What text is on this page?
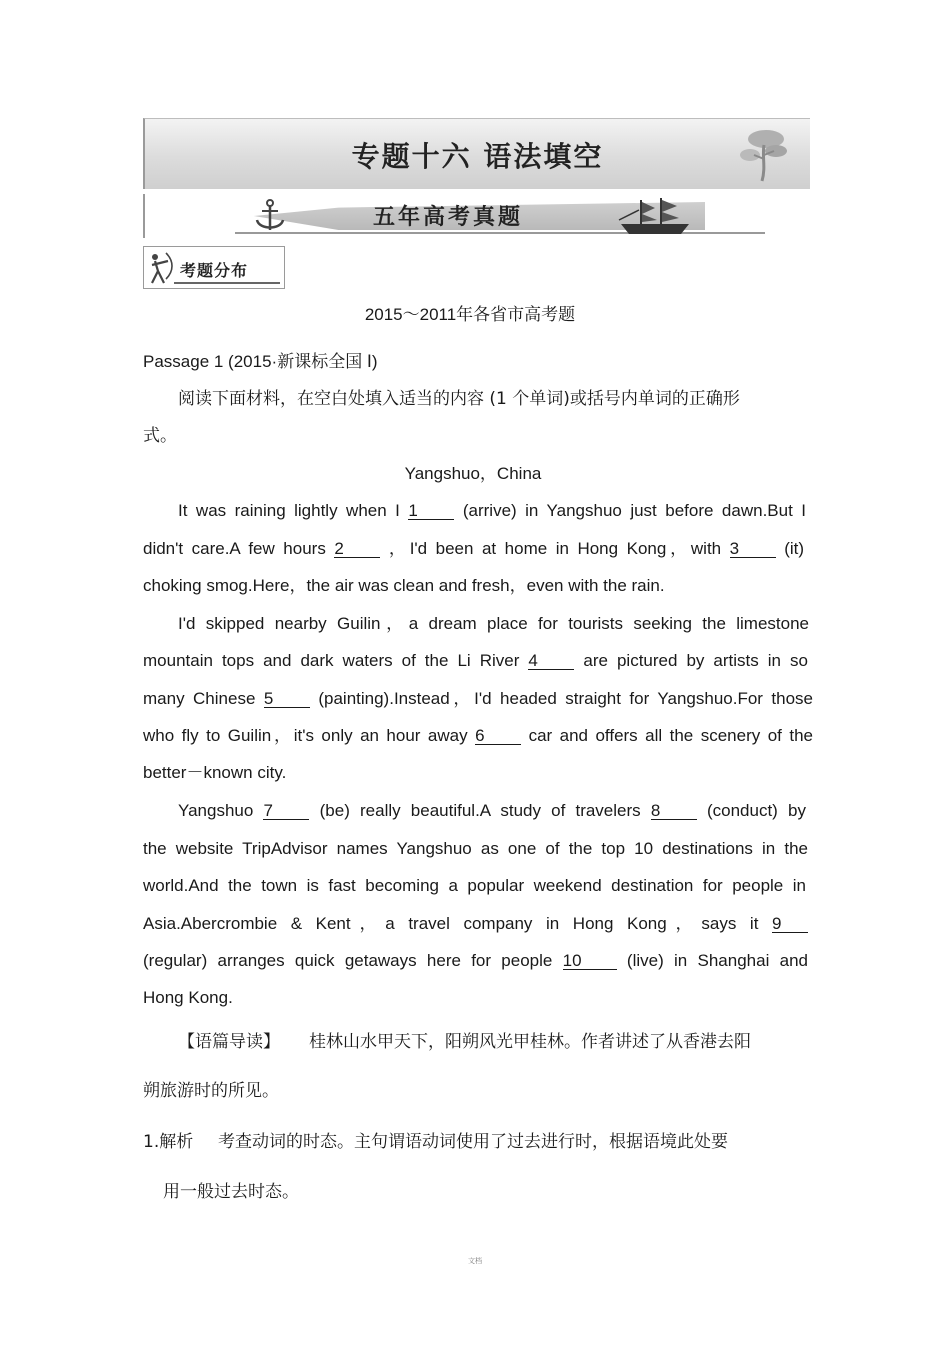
专题十六 语法填空
五年高考真题
考题分布
2015～2011年各省市高考题
Passage 1 (2015·新课标全国 Ⅰ)
阅读下面材料，在空白处填入适当的内容 (1 个单词)或括号内单词的正确形
式。
Yangshuo，China
It was raining lightly when I 1	(arrive) in Yangshuo just before dawn.But I
didn't care.A few hours 2	，I'd been at home in Hong Kong，with 3	(it)
choking smog.Here，the air was clean and fresh，even with the rain.
I'd skipped nearby Guilin，a dream place for tourists seeking the limestone
mountain tops and dark waters of the Li River 4	are pictured by artists in so
many Chinese 5	(painting).Instead，I'd headed straight for Yangshuo.For those
who fly to Guilin，it's only an hour away 6	car and offers all the scenery of the
better－known city.
Yangshuo 7	(be) really beautiful.A study of travelers 8	(conduct) by
the website TripAdvisor names Yangshuo as one of the top 10 destinations in the
world.And the town is fast becoming a popular weekend destination for people in
Asia.Abercrombie & Kent，a travel company in Hong Kong，says it 9
(regular) arranges quick getaways here for people 10	(live) in Shanghai and
Hong Kong.
【语篇导读】 桂林山水甲天下，阳朔风光甲桂林。作者讲述了从香港去阳
朔旅游时的所见。
1.解析 考查动词的时态。主句谓语动词使用了过去进行时，根据语境此处要
用一般过去时态。
文档
